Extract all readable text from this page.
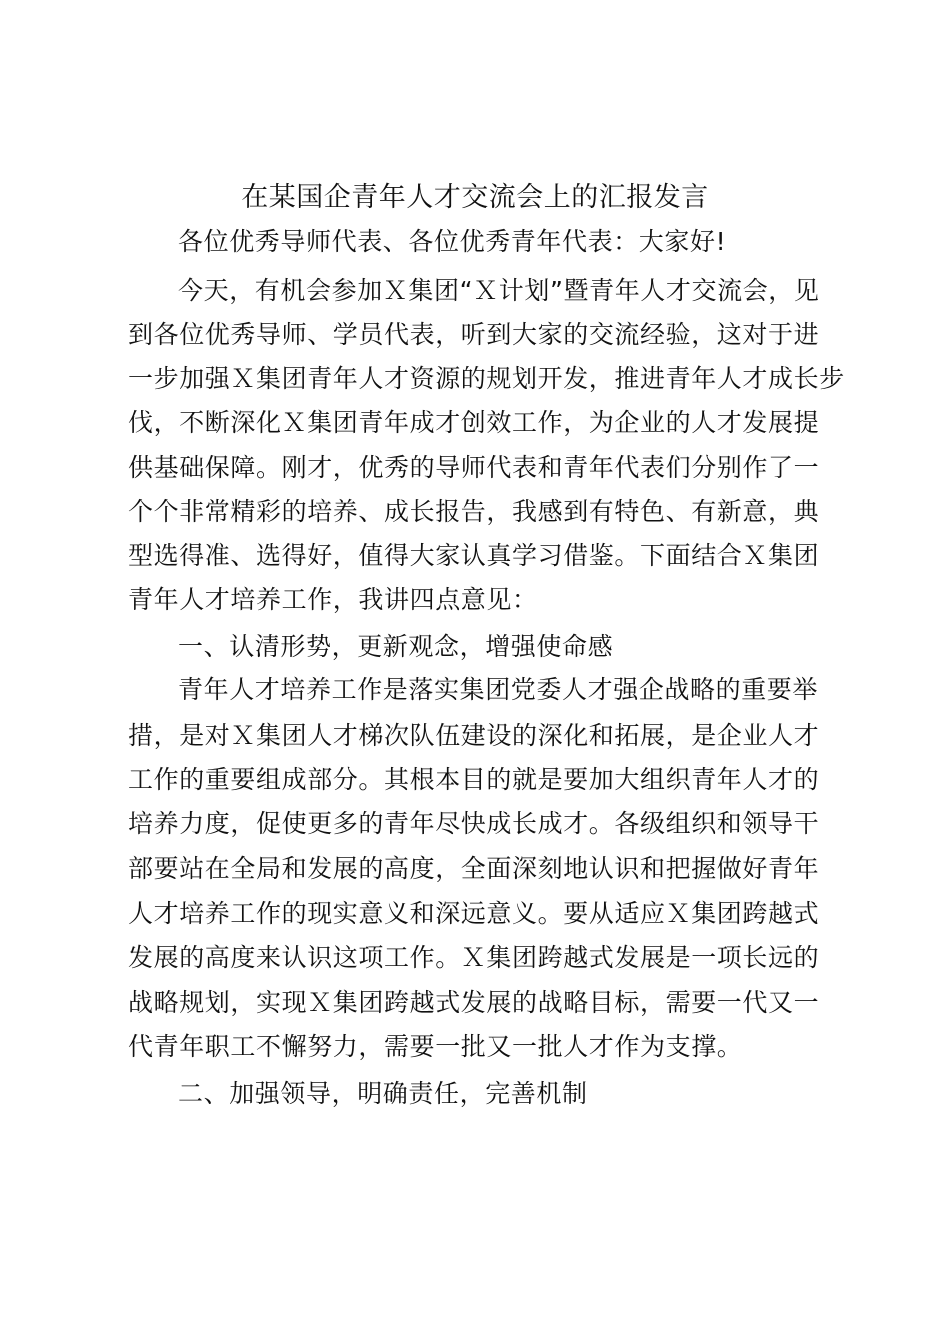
在某国企青年人才交流会上的汇报发言
各位优秀导师代表、各位优秀青年代表：大家好!
今天，有机会参加Ｘ集团“Ｘ计划”暨青年人才交流会，见
到各位优秀导师、学员代表，听到大家的交流经验，这对于进
一步加强Ｘ集团青年人才资源的规划开发，推进青年人才成长步
伐，不断深化Ｘ集团青年成才创效工作，为企业的人才发展提
供基础保障。刚才，优秀的导师代表和青年代表们分别作了一
个个非常精彩的培养、成长报告，我感到有特色、有新意，典
型选得准、选得好，值得大家认真学习借鉴。下面结合Ｘ集团
青年人才培养工作，我讲四点意见：
一、认清形势，更新观念，增强使命感
青年人才培养工作是落实集团党委人才强企战略的重要举
措，是对Ｘ集团人才梯次队伍建设的深化和拓展，是企业人才
工作的重要组成部分。其根本目的就是要加大组织青年人才的
培养力度，促使更多的青年尽快成长成才。各级组织和领导干
部要站在全局和发展的高度，全面深刻地认识和把握做好青年
人才培养工作的现实意义和深远意义。要从适应Ｘ集团跨越式
发展的高度来认识这项工作。Ｘ集团跨越式发展是一项长远的
战略规划，实现Ｘ集团跨越式发展的战略目标，需要一代又一
代青年职工不懈努力，需要一批又一批人才作为支撑。
二、加强领导，明确责任，完善机制
